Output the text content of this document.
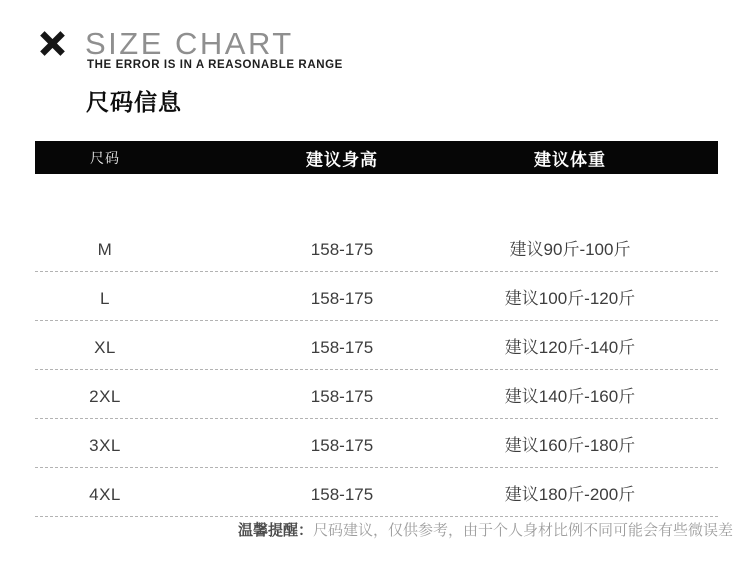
SIZE CHART
THE ERROR IS IN A REASONABLE RANGE
尺码信息
尺码	建议身高	建议体重
M	158-175	建议90斤-100斤
L	158-175	建议100斤-120斤
XL	158-175	建议120斤-140斤
2XL	158-175	建议140斤-160斤
3XL	158-175	建议160斤-180斤
4XL	158-175	建议180斤-200斤
温馨提醒：尺码建议，仅供参考，由于个人身材比例不同可能会有些微误差
